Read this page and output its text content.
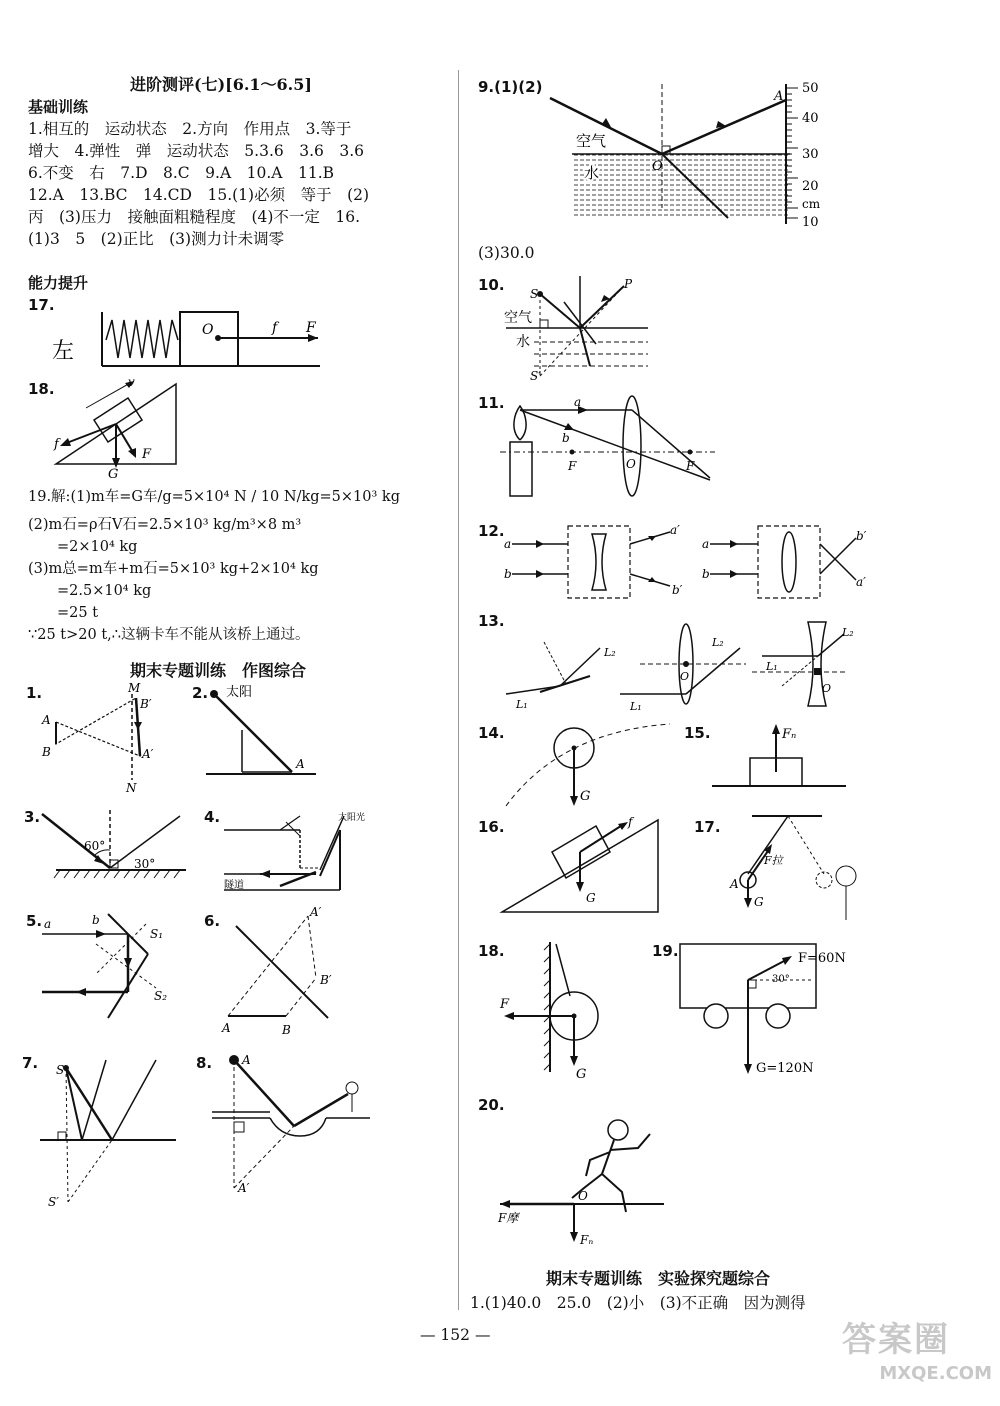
进阶测评(七)[6.1～6.5]
基础训练
1.相互的　运动状态　2.方向　作用点　3.等于
增大　4.弹性　弹　运动状态　5.3.6　3.6　3.6
6.不变　右　7.D　8.C　9.A　10.A　11.B
12.A　13.BC　14.CD　15.(1)必须　等于　(2)
丙　(3)压力　接触面粗糙程度　(4)不一定　16.
(1)3　5　(2)正比　(3)测力计未调零
能力提升
17.
左
O	f F
18.	v
f
F
G
19.解:(1)m车=G车/g=5×10⁴ N / 10 N/kg=5×10³ kg
(2)m石=ρ石V石=2.5×10³ kg/m³×8 m³
　　=2×10⁴ kg
(3)m总=m车+m石=5×10³ kg+2×10⁴ kg
　　=2.5×10⁴ kg
　　=25 t
∵25 t>20 t,∴这辆卡车不能从该桥上通过。
期末专题训练　作图综合
1.	M
A
B
B′
A′
N
2. 太阳
A
3.
60°
30°
4.	太阳光
隧道
5. a	b
S₁
S₂
6.	A′
B′
A	B
7. S
S′
8. A
A′
9.(1)(2)	50
40
30
20
cm
10
空气
水	O
A
(3)30.0
10. S
P
空气
水
S′
11.	a
b
F	O	F
12.
a
b
a′
b′
a
b
b′
a′
13.
L₁
L₂
L₁
L₂
O
L₁
L₂
O
14.
G
15.	Fₙ
16.	f
G
17.
F拉
A
G
18.
F
G
19.	F=60N
30°
G=120N
20.
O
F摩
Fₙ
期末专题训练　实验探究题综合
1.(1)40.0　25.0　(2)小　(3)不正确　因为测得
— 152 —	答案圈
MXQE.COM
